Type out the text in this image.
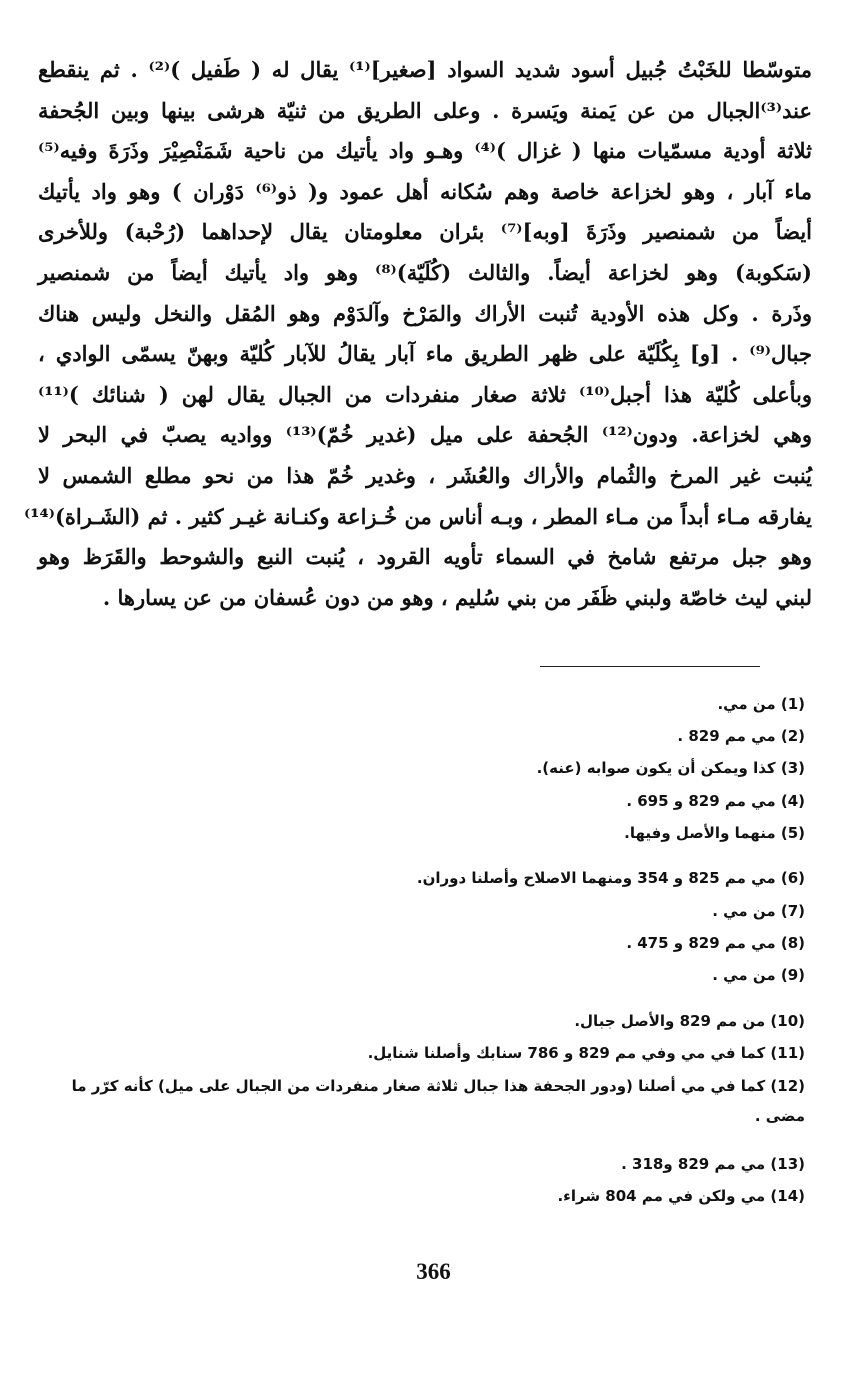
متوسّطا للخَبْتُ جُبيل أسود شديد السواد [صغير]⁽¹⁾ يقال له ( طَفيل )⁽²⁾ . ثم ينقطع
عند⁽³⁾الجبال من عن يَمنة ويَسرة . وعلى الطريق من ثنيّة هرشى بينها وبين الجُحفة
ثلاثة أودية مسمّيات منها ( غزال )⁽⁴⁾ وهـو واد يأتيك من ناحية شَمَنْصِيْرَ وذَرَةَ وفيه⁽⁵⁾
ماء آبار ، وهو لخزاعة خاصة وهم سُكانه أهل عمود و( ذو⁽⁶⁾ دَوْران ) وهو واد يأتيك
أيضاً من شمنصير وذَرَةَ [وبه]⁽⁷⁾ بئران معلومتان يقال لإحداهما (رُحْبة) وللأخرى
(سَكوبة) وهو لخزاعة أيضاً. والثالث (كُلَيّة)⁽⁸⁾ وهو واد يأتيك أيضاً من شمنصير
وذَرة . وكل هذه الأودية تُنبت الأراك والمَرْخ وآلدَوْم وهو المُقل والنخل وليس هناك
جبال⁽⁹⁾ . [و] بِكُلَيّة على ظهر الطريق ماء آبار يقالُ للآبار كُليّة وبهنّ يسمّى الوادي ،
وبأعلى كُليّة هذا أجبل⁽¹⁰⁾ ثلاثة صغار منفردات من الجبال يقال لهن ( شنائك )⁽¹¹⁾
وهي لخزاعة. ودون⁽¹²⁾ الجُحفة على ميل (غدير خُمّ)⁽¹³⁾ وواديه يصبّ في البحر لا
يُنبت غير المرخ والثُمام والأراك والعُشَر ، وغدير خُمّ هذا من نحو مطلع الشمس لا
يفارقه مـاء أبداً من مـاء المطر ، وبـه أناس من خُـزاعة وكنـانة غيـر كثير . ثم (الشَـراة)⁽¹⁴⁾
وهو جبل مرتفع شامخ في السماء تأويه القرود ، يُنبت النبع والشوحط والقَرَظ وهو
لبني ليث خاصّة ولبني ظَفَر من بني سُليم ، وهو من دون عُسفان من عن يسارها .
(1) من مي.
(2) مي مم 829 .
(3) كذا ويمكن أن يكون صوابه (عنه).
(4) مي مم 829 و 695 .
(5) منهما والأصل وفيها.
(6) مي مم 825 و 354 ومنهما الاصلاح وأصلنا دوران.
(7) من مي .
(8) مي مم 829 و 475 .
(9) من مي .
(10) من مم 829 والأصل جبال.
(11) كما في مي وفي مم 829 و 786 سنابك وأصلنا شنايل.
(12) كما في مي أصلنا (ودور الجحفة هذا جبال ثلاثة صغار منفردات من الجبال على ميل) كأنه كرّر ما مضى .
(13) مي مم 829 و318 .
(14) مي ولكن في مم 804 شراء.
366
